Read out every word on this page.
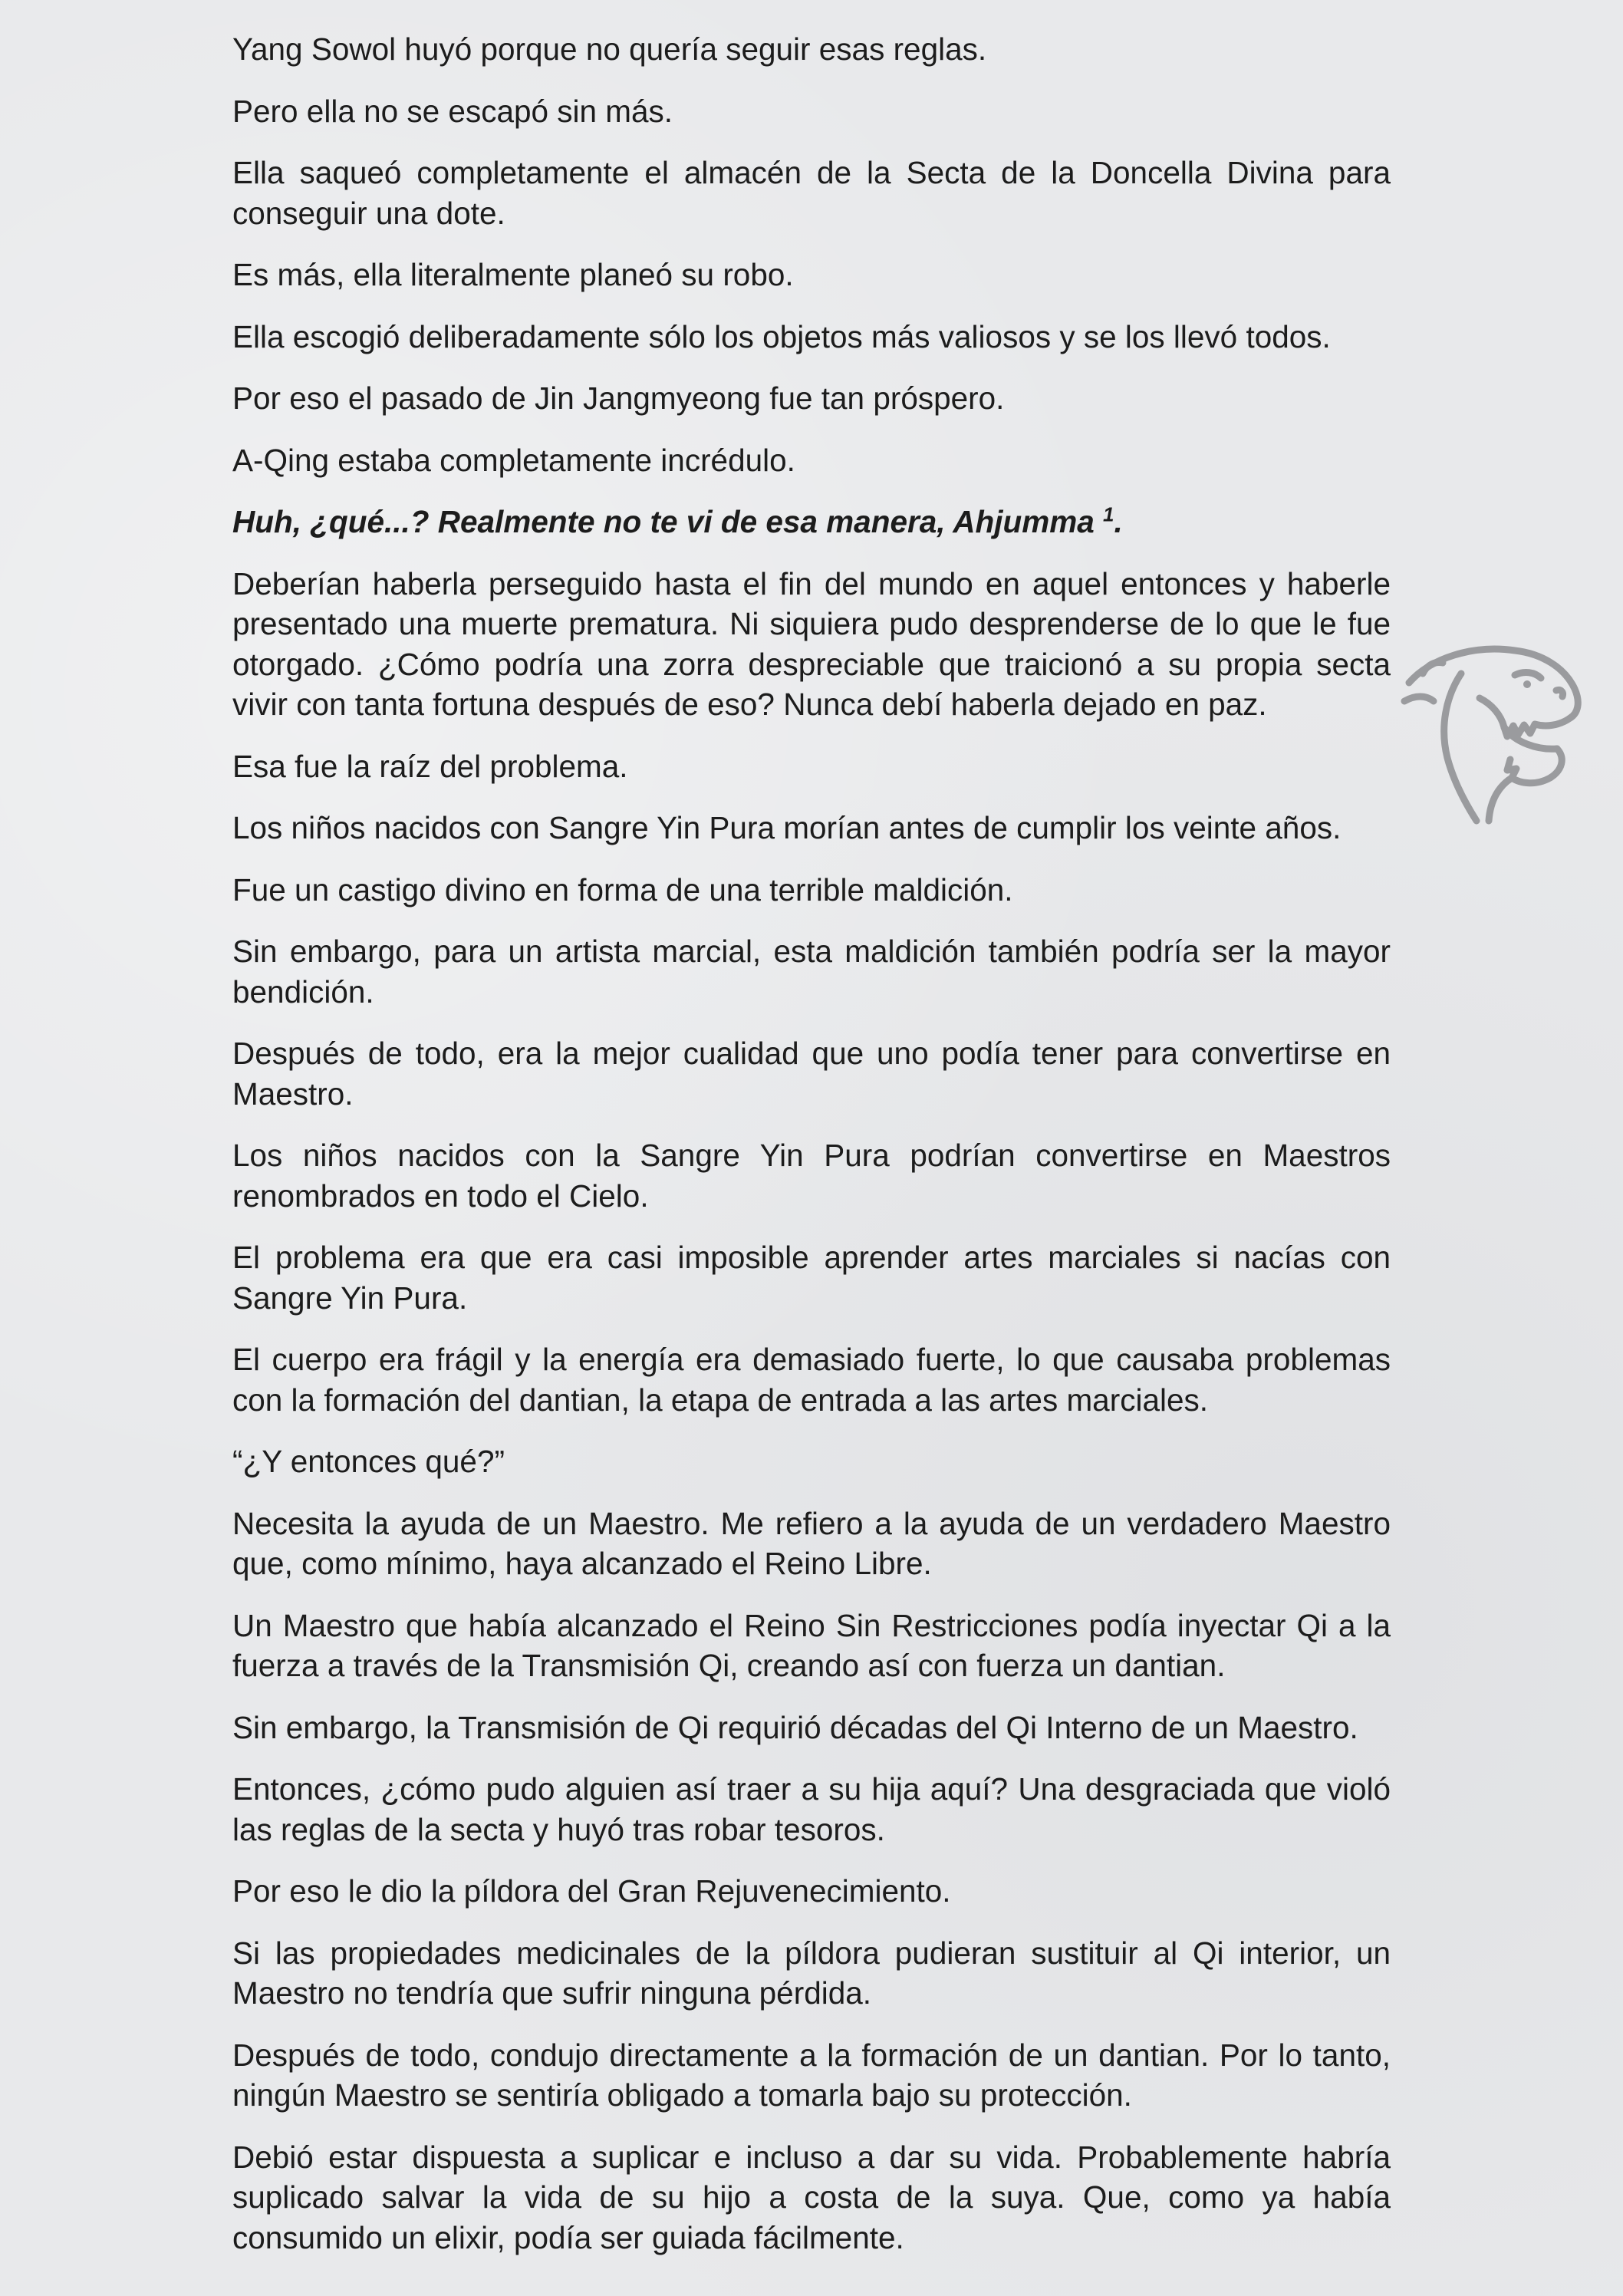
Yang Sowol huyó porque no quería seguir esas reglas.

Pero ella no se escapó sin más.

Ella saqueó completamente el almacén de la Secta de la Doncella Divina para conseguir una dote.

Es más, ella literalmente planeó su robo.

Ella escogió deliberadamente sólo los objetos más valiosos y se los llevó todos.

Por eso el pasado de Jin Jangmyeong fue tan próspero.

A-Qing estaba completamente incrédulo.

Huh, ¿qué...? Realmente no te vi de esa manera, Ahjumma $^1$.

Deberían haberla perseguido hasta el fin del mundo en aquel entonces y haberle presentado una muerte prematura. Ni siquiera pudo desprenderse de lo que le fue otorgado. ¿Cómo podría una zorra despreciable que traicionó a su propia secta vivir con tanta fortuna después de eso? Nunca debí haberla dejado en paz.

Esa fue la raíz del problema.

Los niños nacidos con Sangre Yin Pura morían antes de cumplir los veinte años.

Fue un castigo divino en forma de una terrible maldición.

Sin embargo, para un artista marcial, esta maldición también podría ser la mayor bendición.

Después de todo, era la mejor cualidad que uno podía tener para convertirse en Maestro.

Los niños nacidos con la Sangre Yin Pura podrían convertirse en Maestros renombrados en todo el Cielo.

El problema era que era casi imposible aprender artes marciales si nacías con Sangre Yin Pura.

El cuerpo era frágil y la energía era demasiado fuerte, lo que causaba problemas con la formación del dantian, la etapa de entrada a las artes marciales.

“¿Y entonces qué?”

Necesita la ayuda de un Maestro. Me refiero a la ayuda de un verdadero Maestro que, como mínimo, haya alcanzado el Reino Libre.

Un Maestro que había alcanzado el Reino Sin Restricciones podía inyectar Qi a la fuerza a través de la Transmisión Qi, creando así con fuerza un dantian.

Sin embargo, la Transmisión de Qi requirió décadas del Qi Interno de un Maestro.

Entonces, ¿cómo pudo alguien así traer a su hija aquí? Una desgraciada que violó las reglas de la secta y huyó tras robar tesoros.

Por eso le dio la píldora del Gran Rejuvenecimiento.

Si las propiedades medicinales de la píldora pudieran sustituir al Qi interior, un Maestro no tendría que sufrir ninguna pérdida.

Después de todo, condujo directamente a la formación de un dantian. Por lo tanto, ningún Maestro se sentiría obligado a tomarla bajo su protección.

Debió estar dispuesta a suplicar e incluso a dar su vida. Probablemente habría suplicado salvar la vida de su hijo a costa de la suya. Que, como ya había consumido un elixir, podía ser guiada fácilmente.
